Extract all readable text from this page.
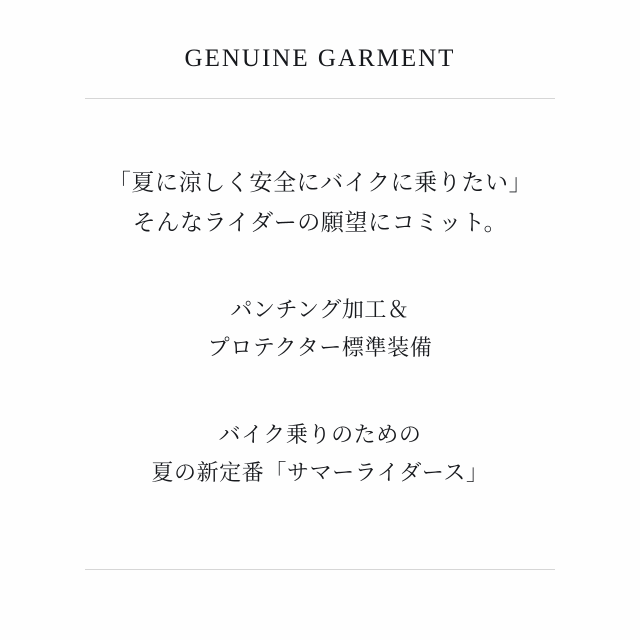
GENUINE GARMENT
「夏に涼しく安全にバイクに乗りたい」
そんなライダーの願望にコミット。
パンチング加工＆
プロテクター標準装備
バイク乗りのための
夏の新定番「サマーライダース」
